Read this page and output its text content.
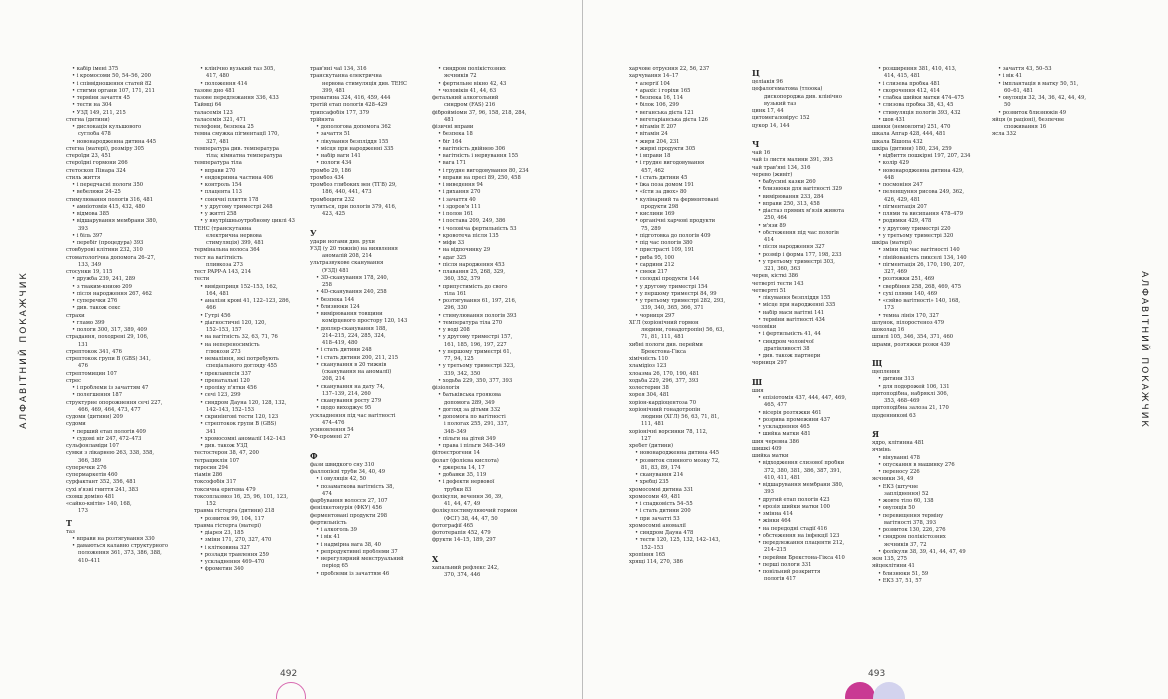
АЛФАВІТНИЙ ПОКАЖЧИК
• кабір імені 375
• і кромосоми 50, 54–56, 200
• і співвідношення статей 82
• стигми органи 107, 171, 211
• терміни зачаття 45
• тести на 304
• УЗД 149, 211, 215
стегна (дитини)
• дислокація кульшового
суглоба 478
• новонародженна дитина 445
стегна (матері), розміру 305
стероїди 23, 451
стероїдні гормони 266
стетоскоп Пінара 324
стиль життя
• і передчасні пологи 350
• вебелюки 24–25
стимулювання пологів 316, 481
• амніотомія 415, 432, 480
• відмова 385
• відшарування мембрани 380,
393
• і біль 397
• перебіг (процедура) 393
стовбурові клітини 232, 310
стоматологічна допомога 26–27,
133, 349
стосунки 19, 115
• дружба 239, 241, 289
• з тваким-книою 209
• після народження 267, 462
• суперечки 276
• див. також секс
страхи
• гламо 399
• пологи 300, 317, 389, 409
страдання, походрені 29, 106,
131
стрептокок 341, 476
стрептокок групи В (GBS) 341,
476
стрептомицин 107
стрес
• і проблеми із зачаттям 47
• полегшення 187
структурне опорожнення сечі 227,
466, 469, 464, 473, 477
судоми (дитини) 209
судоми
• перший етап пологів 409
• судомі ніг 247, 472–473
сульфонламіди 107
сумки з лікарнею 263, 338, 358,
366, 389
суперечки 276
супермаркетів 460
сурфактант 352, 356, 481
сухі в'язві гниття 241, 383
сховш доміно 481
«сайко-квітів» 140, 168,
173
Т
таз
• вправи на розтягування 330
• даваються калавно структурного
положення 361, 373, 386, 388,
410–411
• клінічно вузький таз 305,
417, 480
• положення 414
тазове дно 481
тазове передлежання 336, 433
Таймці 64
таласемія 123
таласемія 321, 471
телефони, безпека 25
темна смужка пігментації 170,
327, 481
температура див. температура
тіла; кімнатна температура
температура тіла
• вправи 270
• ендокринна частина 406
• контроль 154
• плацента 113
• сонячні плиття 178
• у другому триместрі 248
• у житті 258
• у внутрішньоутробному циклі 43
ТЕНС (транскутанна
електрична нервова
стимуляція) 399, 481
термінальна волоса 364
тест на вагітність
пливкоза 273
тест PAPP-A 143, 214
тести
• вивідеприця 152–153, 162,
164, 481
• аналізи крові 41, 122–123, 286,
466
• Гутрі 456
• діагностичні 120, 120,
152–153, 157
• на вагітність 32, 63, 71, 76
• на непереносимість
глюкози 273
• немаління, які потребують
спеціального догляду 455
• преклампсія 337
• пренатальні 120
• проліку п'ятки 456
• сечі 123, 299
• синдром Дауна 120, 128, 132,
142–143, 152–153
• скринінгові тести 120, 123
• стрептокок групи В (GBS)
341
• хромосомні аномалії 142–143
• див. також УЗД
тестостерон 38, 47, 200
тетрациклін 107
тиросин 294
тіамін 286
токсофобія 317
токсична еритема 479
токсоплазмоз 16, 25, 96, 101, 123,
152
травма гістерга (дитини) 218
• розвиток 99, 104, 117
травма гістерга (матері)
• діарея 23, 185
• зміни 171, 270, 327, 470
• і клітковина 327
• розлади травлення 259
• ускладнення 469–470
• фрометин 340
трав'яні чаї 134, 316
транскутанна електрична
нервова стимуляція див. ТЕНС
399, 481
трематина 324, 416, 459, 444
третій етап пологів 428–429
трипсафобія 177, 379
трійнята
• допологова допомога 362
• зачаття 51
• лікування безпліддя 155
• місця при народженні 335
• набір ваги 141
• пологи 434
тромбо 29, 186
тромбоз 434
тромбоз глибоких вен (ТГВ) 29,
186, 440, 441, 473
тромбоцити 232
тулиться, при пологів 379, 416,
423, 425

У
удари ногами див. рухи
УЗД (у 20 тижнів) на виявлення
аномалій 208, 214
ультразвукове сканування
(УЗД) 481
• 3D-сканування 178, 240,
258
• 4D-сканування 240, 258
• безпека 144
• близнюки 124
• вимірювання товщини
комірцевого простору 120, 143
• доплер-сканування 188,
214–215, 224, 285, 324,
418–419, 480
• і стать дитини 248
• і стать дитини 200, 211, 215
• сканування в 20 тижнів
(сканування на аномалії)
208, 214
• сканування на дату 74,
137–139, 214, 260
• сканування росту 279
• щодо виходжує 95
ускладнення під час вагітності
474–476
усиновлення 54
УФ-промені 27

Ф
фази швидкого сну 310
фаллопієві труби 34, 40, 49
• і овуляція 42, 50
• позаматкова вагітність 38,
474
фарбування волосся 27, 107
фенілкетонурія (ФКУ) 456
ферментовані продукти 298
фертильність
• і алкоголь 39
• і вік 41
• і надмірна вага 38, 40
• репродуктивні проблеми 37
• нерегулярний менструальний
період 65
• проблеми із зачаттям 46
• синдром полікістозних
яєчників 72
• фертильне вікно 42, 43
• чоловіків 41, 44, 63
фетальний алкогольний
синдром (FAS) 216
фібройміоми 37, 96, 158, 218, 284,
481
фізичні вправи
• безпека 18
• біг 164
• вагітність двійнею 306
• вагітність і нервування 155
• вага 171
• і грудне вигодовування 80, 234
• вправи на пресі 89, 250, 458
• і виведення 94
• і дихання 270
• і зачаття 40
• і здоров'я 111
• і полов 161
• і постава 209, 249, 386
• і чоловіча фертильність 53
• кровотеча після 135
• міфи 33
• на відпочинку 29
• адаг 325
• після народження 453
• плавання 25, 268, 329,
360, 352, 379
• припустимість до свого
тіла 161
• розтягування 61, 197, 216,
296, 330
• стимулювання пологів 393
• температура тіла 270
• у воді 208
• у другому триместрі 157,
161, 185, 196, 197, 227
• у першому триместрі 61,
77, 94, 125
• у третьому триместрі 323,
339, 342, 350
• ходьба 229, 350, 377, 393
фізіологія
• батьківська гроякова
допомога 289, 349
• догляд за дітьми 332
• допомога по вагітності
і пологах 255, 291, 337,
348–349
• пільги на дітей 349
• права і пільги 348–349
фітоестрогени 14
фолат (фолієва кислота)
• джерела 14, 17
• добавки 35, 119
• і дефекти нервової
трубки 83
фолікули, вечення 36, 39,
41, 44, 47, 49
фолікулостимулюючий гормон
(ФСГ) 38, 44, 47, 50
фотографії 465
фототерапія 452, 479
фрукти 14–15, 189, 297

Х
хапальний рефлекс 242,
370, 374, 446
492
АЛФАВІТНИЙ ПОКАЖЧИК
харчове отруєння 22, 56, 237
харчування 14–17
• алергії 104
• арахіс і горіхи 165
• безпека 16, 114
• білок 106, 299
• веганська дієта 121
• вегетаріанська дієта 126
• вітамін Е 207
• вітамін 24
• жири 204, 231
• жирні продукти 305
• і вправи 18
• і грудне вигодовування
457, 462
• і стать дитини 45
• їжа поза домом 191
• «їсти за двох» 80
• кулінарний та ферментовані
продукти 298
• кислини 169
• органічні харчові продукти
75, 289
• підготовка до пологів 409
• під час пологів 380
• пристрасті 109, 191
• риба 95, 100
• сардини 212
• снеки 217
• солодкі продукти 144
• у другому триместрі 154
• у першому триместрі 84, 99
• у третьому триместрі 282, 293,
339, 340, 365, 366, 371
• чорниця 297
ХГЛ (хоріонічний гормон
людини, гонадотропін) 56, 63,
71, 81, 111, 481
хибні пологи див. перейми
Брекстона-Гікса
хімічність 110
хламідіоз 123
хлоазма 26, 170, 190, 481
ходьба 229, 296, 377, 393
холестерин 38
хорея 304, 481
хоріон-кардіоцентоза 70
хоріонічний гонадотропін
людини (ХГЛ) 56, 63, 71, 81,
111, 481
хоріонічні ворсинки 78, 112,
127
хребет (дитини)
• новонародженна дитина 445
• розвиток спинного мозку 72,
81, 83, 89, 174
• сканування 214
• хребці 235
хромосомні дитина 331
хромосоми 49, 481
• і спадковість 54–55
• і стать дитини 200
• при зачатті 53
хромосомні аномалії
• синдром Дауна 478
• тести 120, 125, 132, 142–143,
152–153
хропіння 165
хрящі 114, 270, 386
Ц
целіакія 96
цефалогематома (тлоока)
дископороджа див. клінічно
вузький таз
цинк 17, 44
цитомегаловірус 152
цукор 14, 144

Ч
чай 16
чай із листя малини 391, 393
чай трав'яні 134, 316
черево (живіт)
• бабусині казки 260
• близнюки для вагітності 329
• вимірювання 233, 284
• вправи 250, 313, 458
• діастаз прямих м'язів живота
250, 464
• м'язи 89
• обстеження під час пологів
414
• після народження 327
• розмір і форма 177, 198, 233
• у третьому триместрі 303,
321, 360, 363
черев, кісткі 386
четверті тести 143
четвертті 51
• лікування безпліддя 155
• місце при народженні 335
• набір маси вагітні 141
• терміни вагітності 434
чоловіки
• і фертильність 41, 44
• синдром чоловічої
дратівливості 38
• див. також партнери
чорниця 297

Ш
шия
• епізіотомія 437, 444, 447, 469,
465, 477
• вісерія розтяжки 461
• розрива промежини 437
• ускладнення 465
• шийка матки 481
шия черевна 386
шишкі 409
шийка матки
• відходження слизової пробки
372, 380, 381, 386, 387, 391,
410, 411, 481
• відшарування мембрани 380,
393
• другий етап пологів 423
• ерозія шийки матки 100
• змінна 414
• жінки 464
• на передодні стадії 416
• обстеження на інфекції 123
• передлежання плаценти 212,
214–215
• перейми Брекстона-Гікса 410
• перші пологи 331
• повільний розкриття
пологів 417
• розширення 381, 410, 413,
414, 415, 481
• і слизева пробка 481
• скорочення 412, 414
• слабка шийки матки 474–475
• слизова пробка 38, 43, 45
• стимуляція пологів 393, 432
• шов 431
шинки (немовляти) 251, 470
шкала Апгар 428, 444, 481
шкала Бішопа 432
шкіра (дитини) 180, 234, 259
• відбиття пошкірні 197, 207, 234
• колір 429
• новонародженна дитина 429,
448
• посмоніня 247
• пеленщуння рисова 249, 362,
426, 429, 481
• пігментація 207
• плями та висипання 478–479
• родимки 429, 478
• у другому триместрі 220
• у третьому триместрі 320
шкіра (матері)
• зміни під час вагітності 140
• лінійованість пикселі 134, 140
• пігментація 26, 170, 190, 207,
327, 469
• розтяжки 251, 469
• свербіння 258, 268, 469, 475
• сухі плями 140, 469
• «сяйво вагітності» 140, 168,
173
• темна лінія 170, 327
шлунок, пілоростеноз 479
шоколад 16
шпилі 105, 346, 354, 371, 460
шрами, розтяжки розки 439

Щ
щеплення
• дитини 313
• для подорожей 106, 131
щитоподібна, набряклі 306,
353, 468–469
щитоподібна залоза 21, 170
щоденникові 63

Я
ядро, клітинна 481
ячмінь
• вінуванні 478
• опускання в машинку 276
• переносу 226
яєчники 34, 49
• ЕКЗ (штучне
запліднення) 52
• жовте тіло 60, 138
• овуляція 50
• перевищення терміну
вагітності 378, 393
• розвиток 130, 226, 276
• синдром полікістозних
яєчників 37, 72
• фолікули 38, 39, 41, 44, 47, 49
яєм 135, 275
яйцеклітини 41
• близнюки 51, 59
• ЕКЗ 37, 51, 57
• зачаття 43, 50–53
• і вік 41
• імплантація в матку 50, 51,
60–61, 481
• овуляція 32, 34, 36, 42, 44, 49,
50
• розвиток близнюків 49
яйця (в раціоні), безпечне
споживання 16
ясла 332
493
